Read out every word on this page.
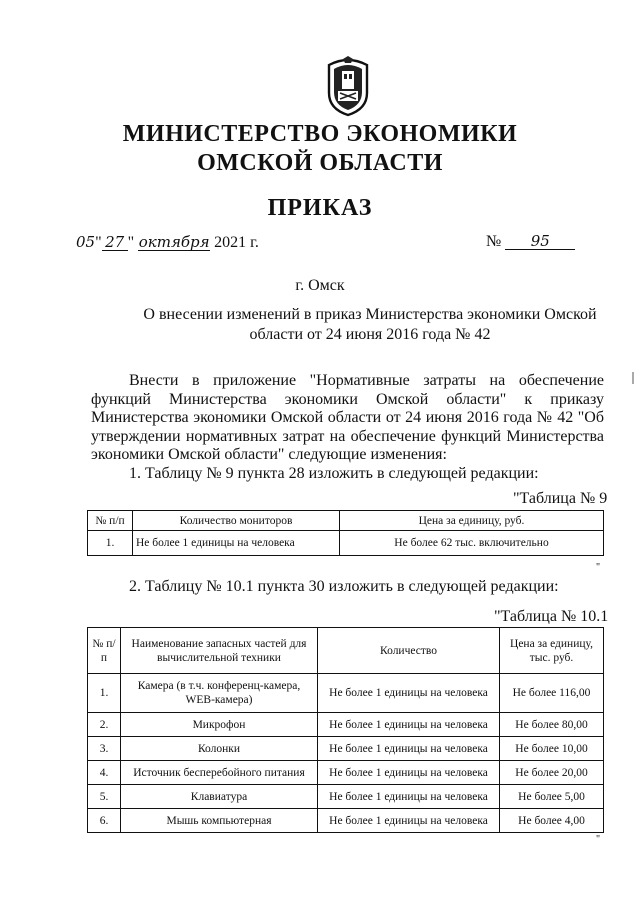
МИНИСТЕРСТВО ЭКОНОМИКИ
ОМСКОЙ ОБЛАСТИ
ПРИКАЗ
05" 27 " октября 2021 г.	№ 95
г. Омск
О внесении изменений в приказ Министерства экономики Омской
области от 24 июня 2016 года № 42

Внести в приложение "Нормативные затраты на обеспечение функций Министерства экономики Омской области" к приказу Министерства экономики Омской области от 24 июня 2016 года № 42 "Об утверждении нормативных затрат на обеспечение функций Министерства экономики Омской области" следующие изменения:

1. Таблицу № 9 пункта 28 изложить в следующей редакции:

"Таблица № 9
№ п/п	Количество мониторов	Цена за единицу, руб.
1.	Не более 1 единицы на человека	Не более 62 тыс. включительно
"
2. Таблицу № 10.1 пункта 30 изложить в следующей редакции:
"Таблица № 10.1
№ п/п	Наименование запасных частей для вычислительной техники	Количество	Цена за единицу, тыс. руб.
1.	Камера (в т.ч. конференц-камера, WEB-камера)	Не более 1 единицы на человека	Не более 116,00
2.	Микрофон	Не более 1 единицы на человека	Не более 80,00
3.	Колонки	Не более 1 единицы на человека	Не более 10,00
4.	Источник бесперебойного питания	Не более 1 единицы на человека	Не более 20,00
5.	Клавиатура	Не более 1 единицы на человека	Не более 5,00
6.	Мышь компьютерная	Не более 1 единицы на человека	Не более 4,00
"
